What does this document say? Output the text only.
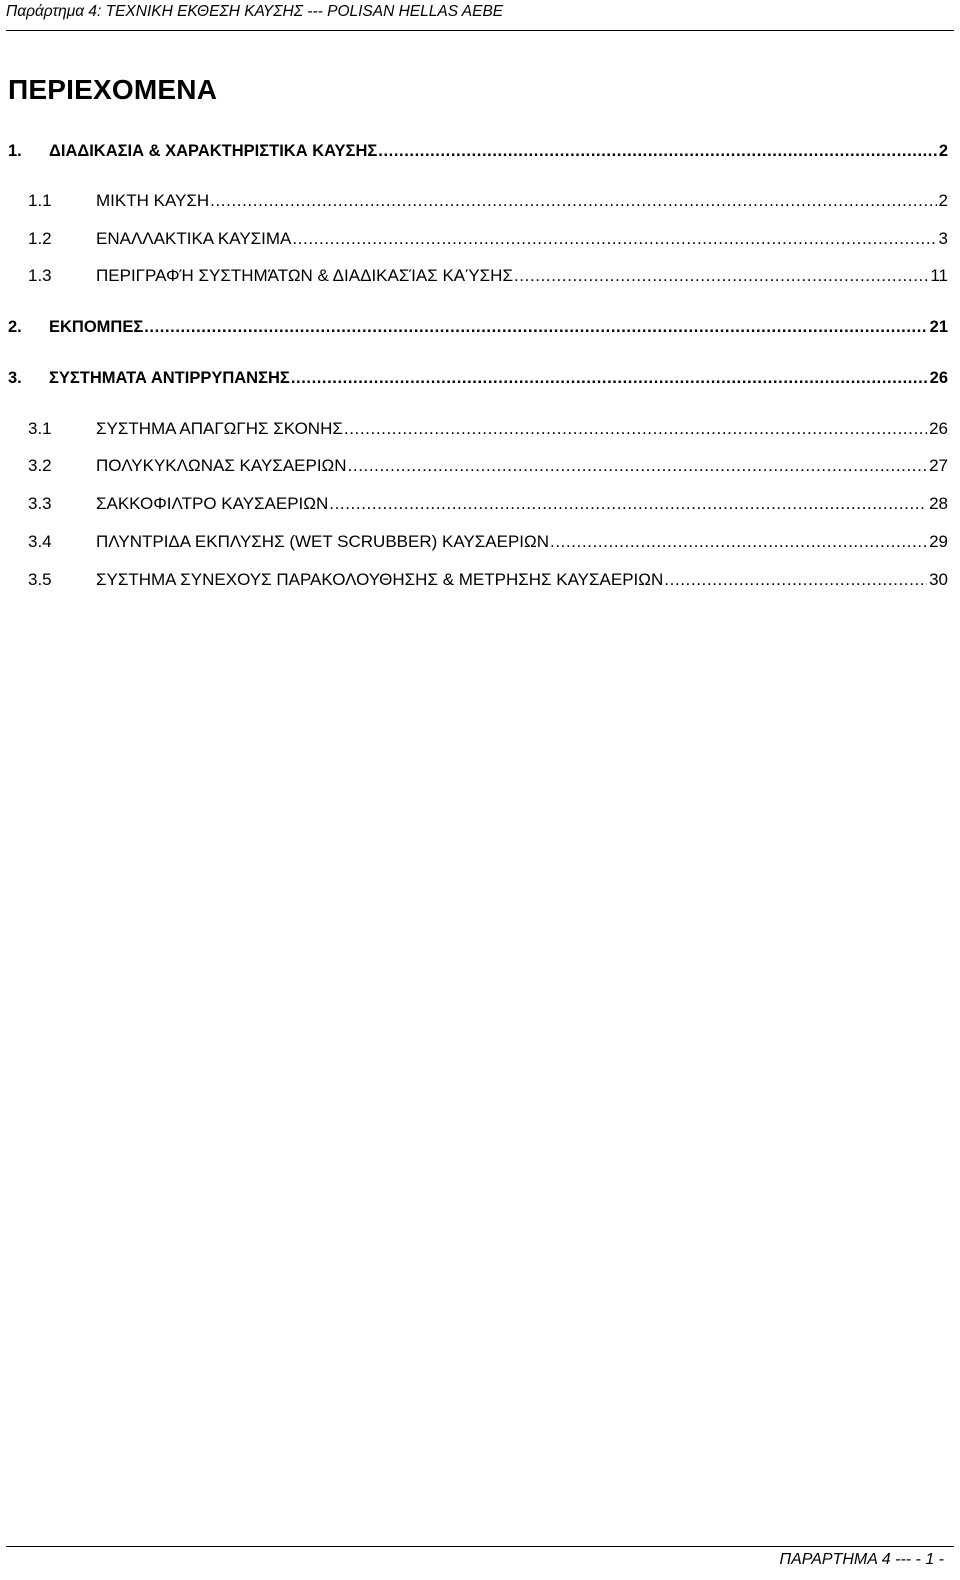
Παράρτημα 4: ΤΕΧΝΙΚΗ ΕΚΘΕΣΗ ΚΑΥΣΗΣ --- POLISAN HELLAS AEBE
ΠΕΡΙΕΧΟΜΕΝΑ
1.	ΔΙΑΔΙΚΑΣΙΑ & ΧΑΡΑΚΤΗΡΙΣΤΙΚΑ ΚΑΥΣΗΣ .....	2
1.1	ΜΙΚΤΗ ΚΑΥΣΗ .....	2
1.2	ΕΝΑΛΛΑΚΤΙΚΑ ΚΑΥΣΙΜΑ .....	3
1.3	ΠΕΡΙΓΡΑΦΉ ΣΥΣΤΗΜΆΤΩΝ & ΔΙΑΔΙΚΑΣΊΑΣ ΚΑΎΣΗΣ .....	11
2.	ΕΚΠΟΜΠΕΣ .....	21
3.	ΣΥΣΤΗΜΑΤΑ ΑΝΤΙΡΡΥΠΑΝΣΗΣ .....	26
3.1	ΣΥΣΤΗΜΑ ΑΠΑΓΩΓΗΣ ΣΚΟΝΗΣ .....	26
3.2	ΠΟΛΥΚΥΚΛΩΝΑΣ ΚΑΥΣΑΕΡΙΩΝ .....	27
3.3	ΣΑΚΚΟΦΙΛΤΡΟ ΚΑΥΣΑΕΡΙΩΝ .....	28
3.4	ΠΛΥΝΤΡΙΔΑ ΕΚΠΛΥΣΗΣ (WET SCRUBBER) ΚΑΥΣΑΕΡΙΩΝ .....	29
3.5	ΣΥΣΤΗΜΑ ΣΥΝΕΧΟΥΣ ΠΑΡΑΚΟΛΟΥΘΗΣΗΣ & ΜΕΤΡΗΣΗΣ ΚΑΥΣΑΕΡΙΩΝ .....	30
ΠΑΡΑΡΤΗΜΑ 4 --- - 1 -
